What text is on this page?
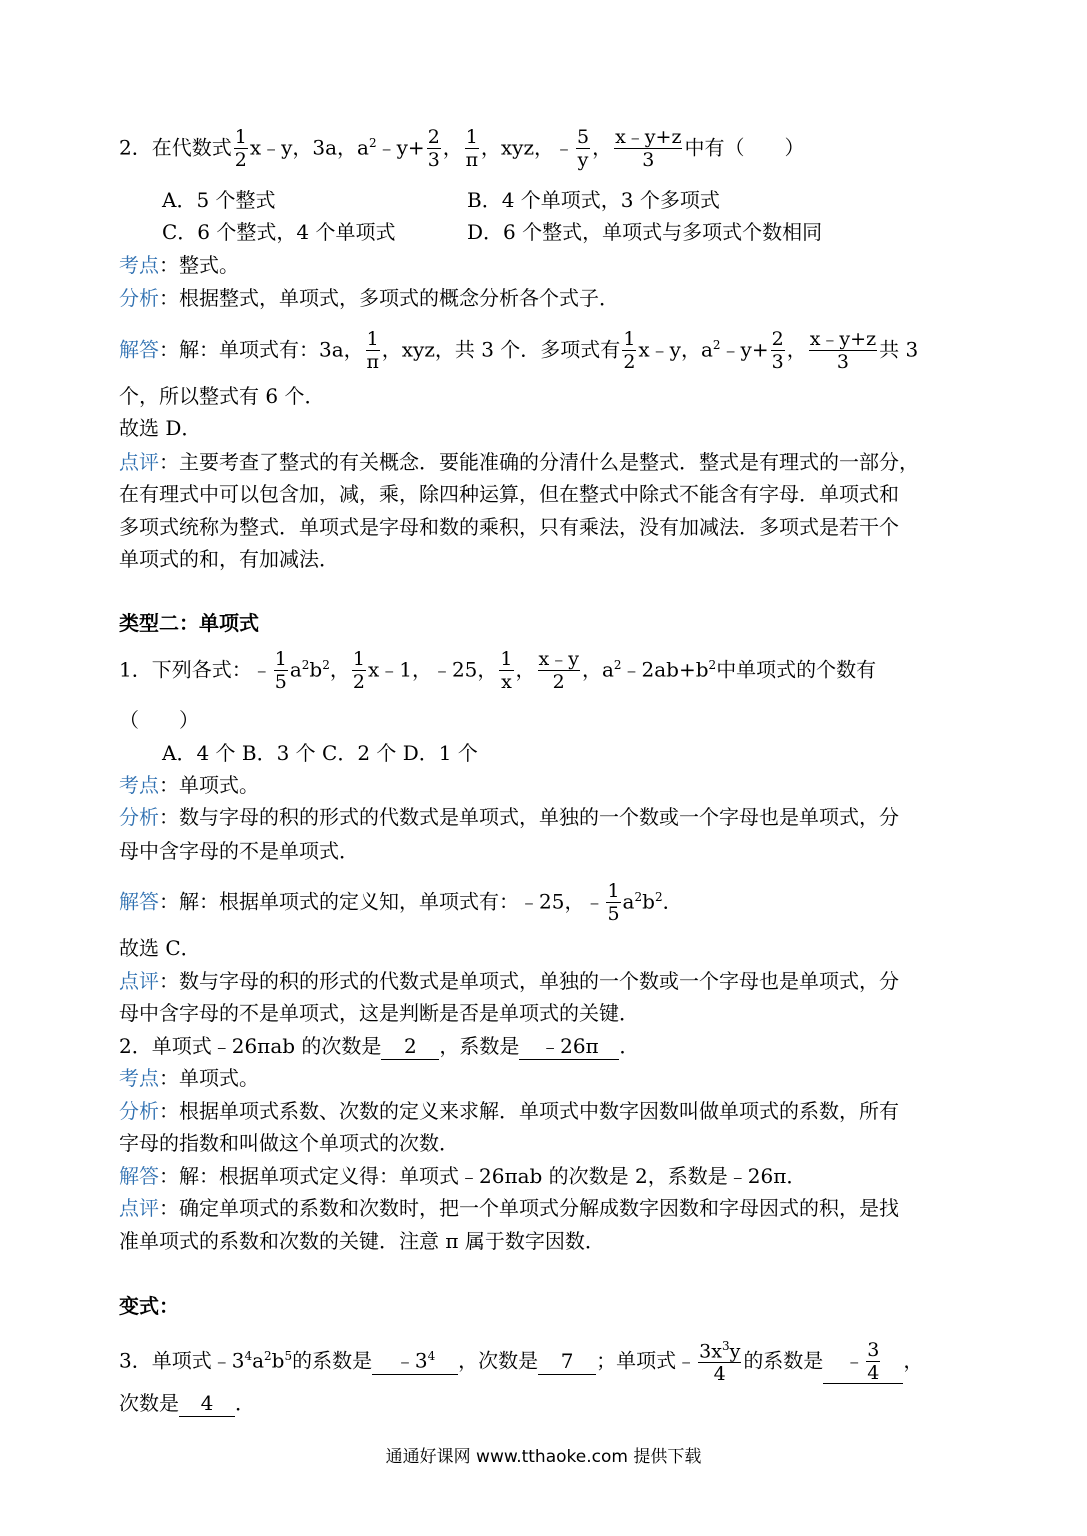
2．在代数式 $\frac{1}{2}$ x﹣y，3a，$a^2﹣y+ \frac{2}{3}$ ， $\frac{1}{\pi}$ ，xyz，﹣ $\frac{5}{y}$ ， $\frac{x﹣y+z}{3}$ 中有（　　）
A．5 个整式	B．4 个单项式，3 个多项式
C．6 个整式，4 个单项式	D．6 个整式，单项式与多项式个数相同
考点：整式。
分析：根据整式，单项式，多项式的概念分析各个式子．
解答：解：单项式有：3a， $\frac{1}{\pi}$ ，xyz，共 3 个．多项式有 $\frac{1}{2}$ x﹣y，$a^2﹣y+ \frac{2}{3}$ ， $\frac{x﹣y+z}{3}$ 共 3
个，所以整式有 6 个．
故选 D．
点评：主要考查了整式的有关概念．要能准确的分清什么是整式．整式是有理式的一部分，
在有理式中可以包含加，减，乘，除四种运算，但在整式中除式不能含有字母．单项式和
多项式统称为整式．单项式是字母和数的乘积，只有乘法，没有加减法．多项式是若干个
单项式的和，有加减法．
类型二：单项式
1．下列各式：﹣ $\frac{1}{5} a^2b^2$， $\frac{1}{2}$ x﹣1，﹣25， $\frac{1}{x}$ ， $\frac{x﹣y}{2}$ ，$a^2﹣2ab+b^2$中单项式的个数有
（　　）
A．4 个 B．3 个 C．2 个 D．1 个
考点：单项式。
分析：数与字母的积的形式的代数式是单项式，单独的一个数或一个字母也是单项式，分
母中含字母的不是单项式．
解答：解：根据单项式的定义知，单项式有：﹣25，﹣ $\frac{1}{5} a^2b^2$．
故选 C．
点评：数与字母的积的形式的代数式是单项式，单独的一个数或一个字母也是单项式，分
母中含字母的不是单项式，这是判断是否是单项式的关键．
2．单项式﹣26πab 的次数是 2 ，系数是 ﹣26π ．
考点：单项式。
分析：根据单项式系数、次数的定义来求解．单项式中数字因数叫做单项式的系数，所有
字母的指数和叫做这个单项式的次数．
解答：解：根据单项式定义得：单项式﹣26πab 的次数是 2，系数是﹣26π．
点评：确定单项式的系数和次数时，把一个单项式分解成数字因数和字母因式的积，是找
准单项式的系数和次数的关键．注意 π 属于数字因数．
变式：
3．单项式$﹣3^4a^2b^5$的系数是 $﹣3^4$ ，次数是 7 ；单项式﹣ $\frac{3x^3y}{4}$ 的系数是 ﹣ $\frac{3}{4}$ ，
次数是 4 ．
通通好课网 www.tthaoke.com 提供下载
